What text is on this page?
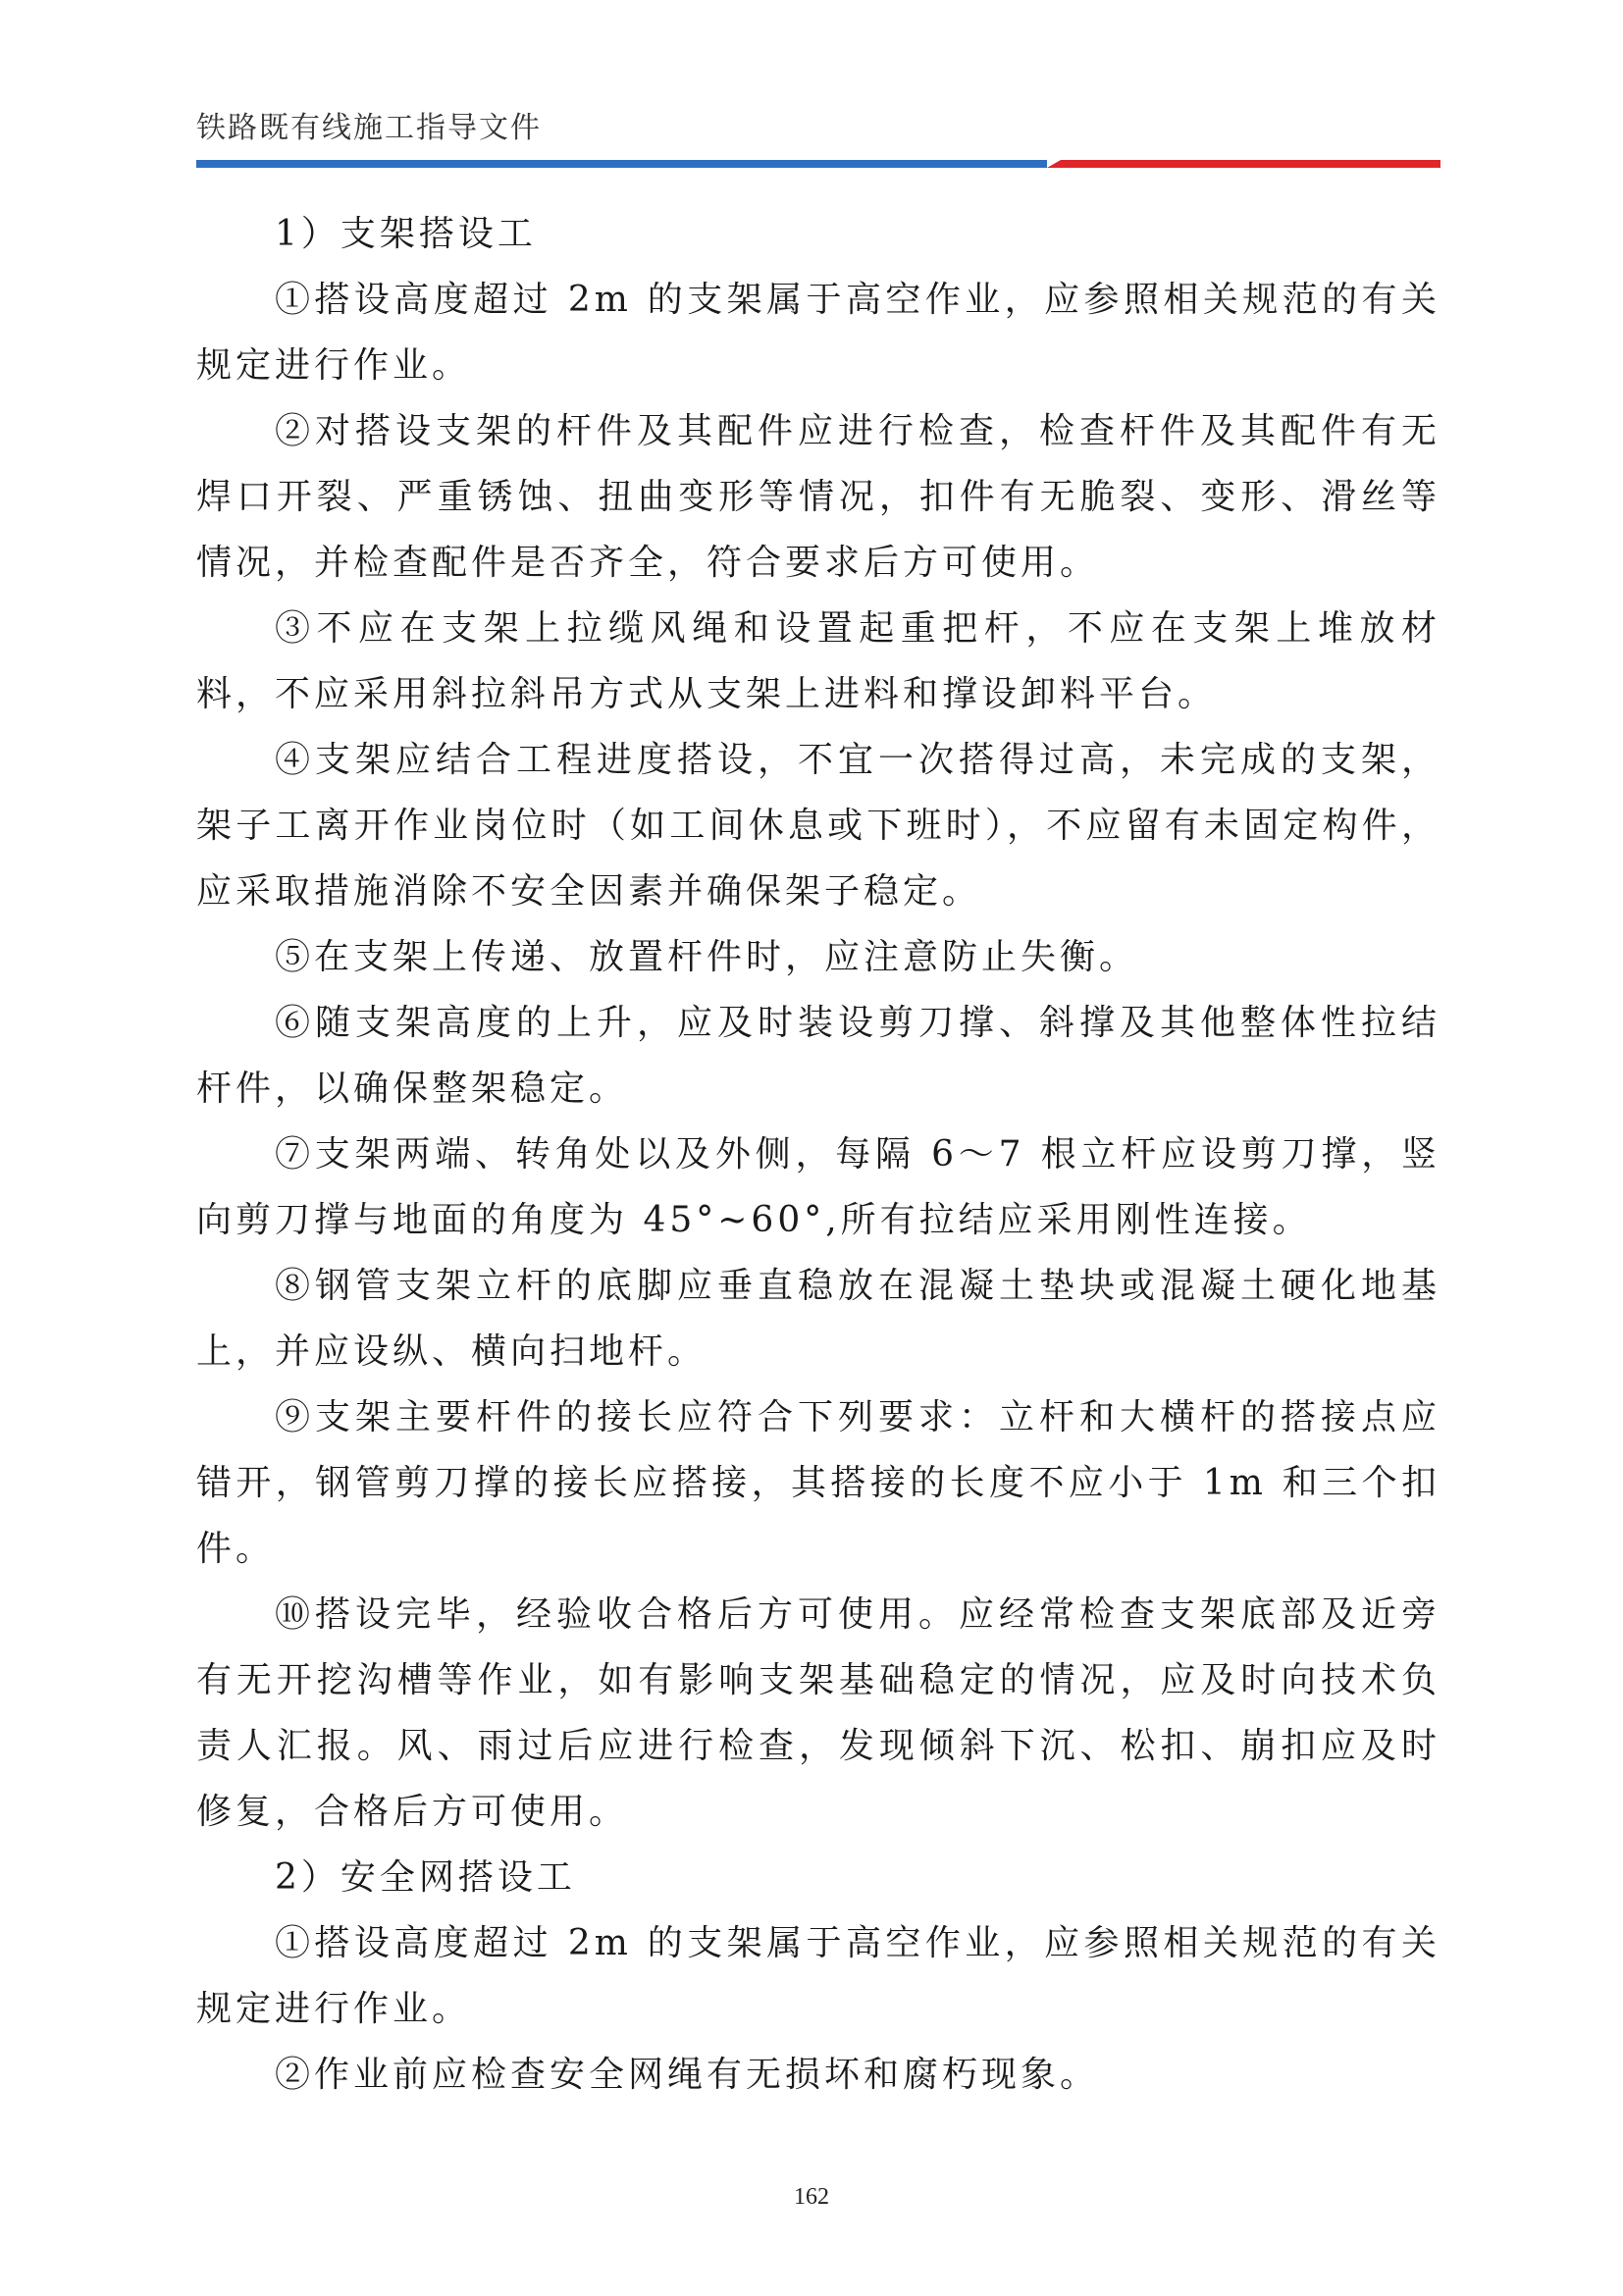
铁路既有线施工指导文件

1）支架搭设工

①搭设高度超过 2m 的支架属于高空作业，应参照相关规范的有关规定进行作业。

②对搭设支架的杆件及其配件应进行检查，检查杆件及其配件有无焊口开裂、严重锈蚀、扭曲变形等情况，扣件有无脆裂、变形、滑丝等情况，并检查配件是否齐全，符合要求后方可使用。

③不应在支架上拉缆风绳和设置起重把杆，不应在支架上堆放材料，不应采用斜拉斜吊方式从支架上进料和撑设卸料平台。

④支架应结合工程进度搭设，不宜一次搭得过高，未完成的支架，架子工离开作业岗位时（如工间休息或下班时），不应留有未固定构件，应采取措施消除不安全因素并确保架子稳定。

⑤在支架上传递、放置杆件时，应注意防止失衡。

⑥随支架高度的上升，应及时装设剪刀撑、斜撑及其他整体性拉结杆件，以确保整架稳定。

⑦支架两端、转角处以及外侧，每隔 6～7 根立杆应设剪刀撑，竖向剪刀撑与地面的角度为 45°~60°,所有拉结应采用刚性连接。

⑧钢管支架立杆的底脚应垂直稳放在混凝土垫块或混凝土硬化地基上，并应设纵、横向扫地杆。

⑨支架主要杆件的接长应符合下列要求：立杆和大横杆的搭接点应错开，钢管剪刀撑的接长应搭接，其搭接的长度不应小于 1m 和三个扣件。

⑩搭设完毕，经验收合格后方可使用。应经常检查支架底部及近旁有无开挖沟槽等作业，如有影响支架基础稳定的情况，应及时向技术负责人汇报。风、雨过后应进行检查，发现倾斜下沉、松扣、崩扣应及时修复，合格后方可使用。

2）安全网搭设工

①搭设高度超过 2m 的支架属于高空作业，应参照相关规范的有关规定进行作业。

②作业前应检查安全网绳有无损坏和腐朽现象。

162
